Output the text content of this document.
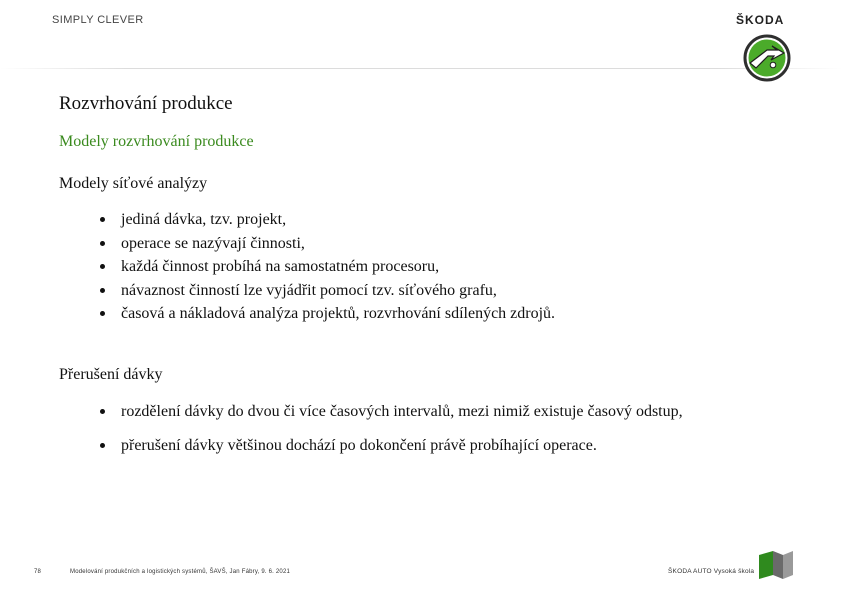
SIMPLY CLEVER	ŠKODA
Rozvrhování produkce
Modely rozvrhování produkce
Modely síťové analýzy
jediná dávka, tzv. projekt,
operace se nazývají činnosti,
každá činnost probíhá na samostatném procesoru,
návaznost činností lze vyjádřit pomocí tzv. síťového grafu,
časová a nákladová analýza projektů, rozvrhování sdílených zdrojů.
Přerušení dávky
rozdělení dávky do dvou či více časových intervalů, mezi nimiž existuje časový odstup,
přerušení dávky většinou dochází po dokončení právě probíhající operace.
78	Modelování produkčních a logistických systémů, ŠAVŠ, Jan Fábry, 9. 6. 2021	ŠKODA AUTO Vysoká škola
